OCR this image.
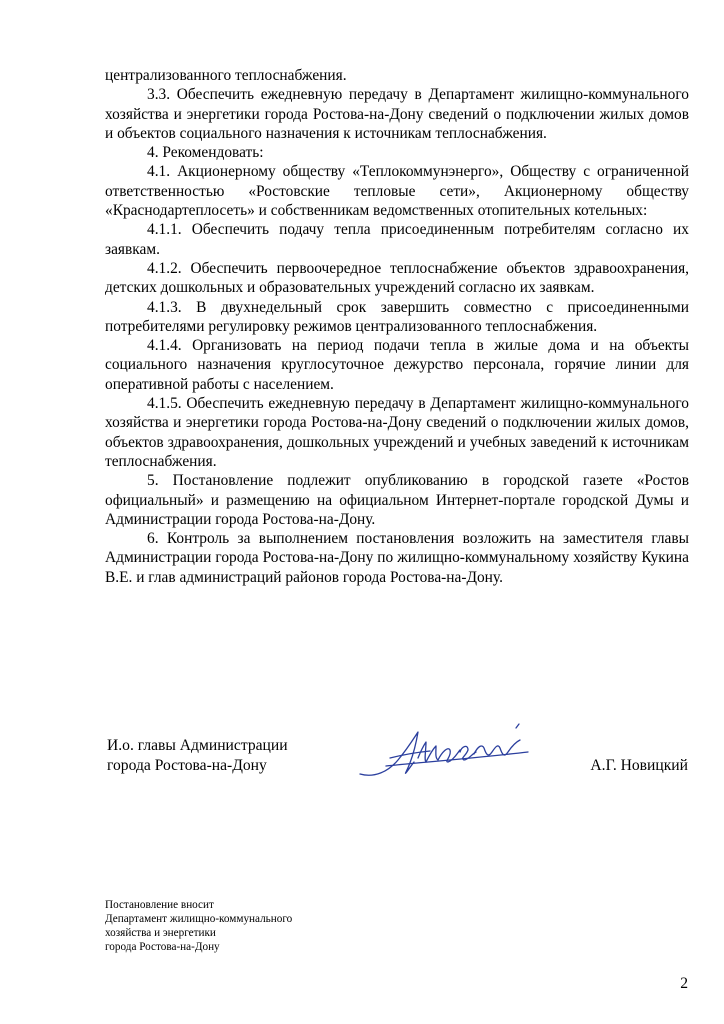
централизованного теплоснабжения.

3.3. Обеспечить ежедневную передачу в Департамент жилищно-коммунального хозяйства и энергетики города Ростова-на-Дону сведений о подключении жилых домов и объектов социального назначения к источникам теплоснабжения.

4. Рекомендовать:

4.1. Акционерному обществу «Теплокоммунэнерго», Обществу с ограниченной ответственностью «Ростовские тепловые сети», Акционерному обществу «Краснодартеплосеть» и собственникам ведомственных отопительных котельных:

4.1.1. Обеспечить подачу тепла присоединенным потребителям согласно их заявкам.

4.1.2. Обеспечить первоочередное теплоснабжение объектов здравоохранения, детских дошкольных и образовательных учреждений согласно их заявкам.

4.1.3. В двухнедельный срок завершить совместно с присоединенными потребителями регулировку режимов централизованного теплоснабжения.

4.1.4. Организовать на период подачи тепла в жилые дома и на объекты социального назначения круглосуточное дежурство персонала, горячие линии для оперативной работы с населением.

4.1.5. Обеспечить ежедневную передачу в Департамент жилищно-коммунального хозяйства и энергетики города Ростова-на-Дону сведений о подключении жилых домов, объектов здравоохранения, дошкольных учреждений и учебных заведений к источникам теплоснабжения.

5. Постановление подлежит опубликованию в городской газете «Ростов официальный» и размещению на официальном Интернет-портале городской Думы и Администрации города Ростова-на-Дону.

6. Контроль за выполнением постановления возложить на заместителя главы Администрации города Ростова-на-Дону по жилищно-коммунальному хозяйству Кукина В.Е. и глав администраций районов города Ростова-на-Дону.

И.о. главы Администрации
города Ростова-на-Дону	А.Г. Новицкий
Постановление вносит
Департамент жилищно-коммунального
хозяйства и энергетики
города Ростова-на-Дону
2
